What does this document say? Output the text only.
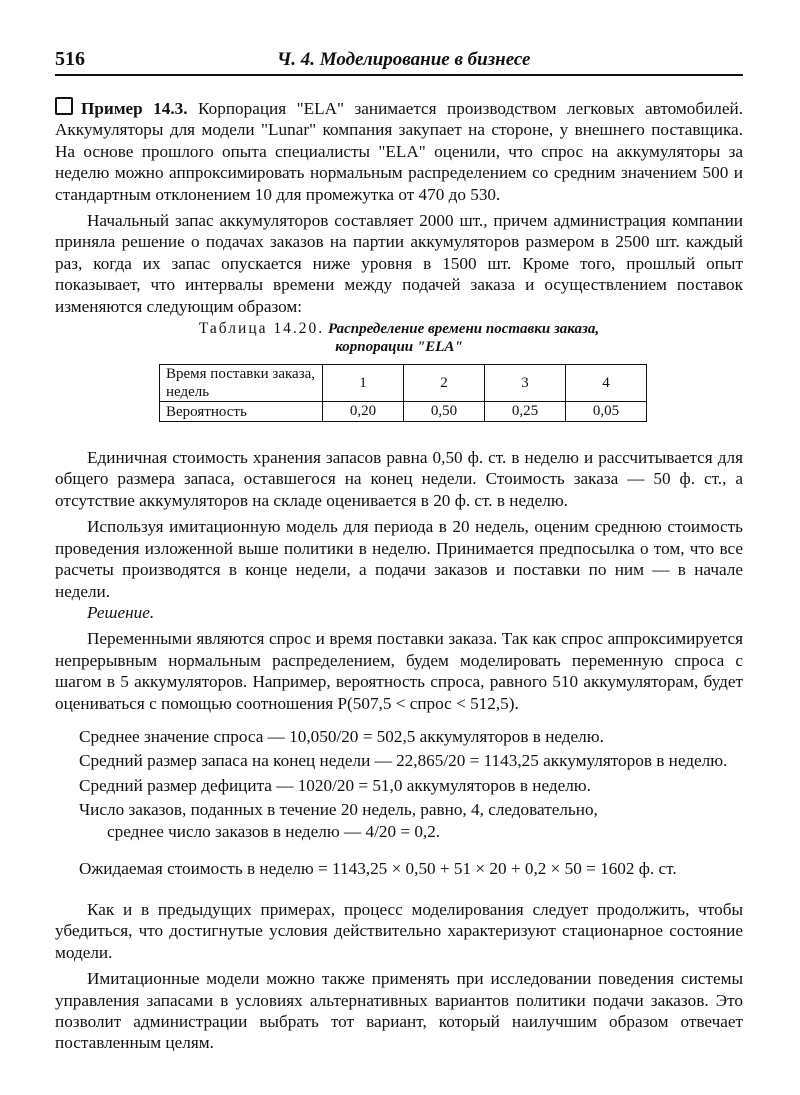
516	Ч. 4. Моделирование в бизнесе

Пример 14.3. Корпорация "ELA" занимается производством легковых автомобилей. Аккумуляторы для модели "Lunar" компания закупает на стороне, у внешнего поставщика. На основе прошлого опыта специалисты "ELA" оценили, что спрос на аккумуляторы за неделю можно аппроксимировать нормальным распределением со средним значением 500 и стандартным отклонением 10 для промежутка от 470 до 530.

Начальный запас аккумуляторов составляет 2000 шт., причем администрация компании приняла решение о подачах заказов на партии аккумуляторов размером в 2500 шт. каждый раз, когда их запас опускается ниже уровня в 1500 шт. Кроме того, прошлый опыт показывает, что интервалы времени между подачей заказа и осуществлением поставок изменяются следующим образом:

Таблица 14.20. Распределение времени поставки заказа,
корпорации "ELA"
Время поставки заказа, недель	1	2	3	4
Вероятность	0,20	0,50	0,25	0,05

Единичная стоимость хранения запасов равна 0,50 ф. ст. в неделю и рассчитывается для общего размера запаса, оставшегося на конец недели. Стоимость заказа — 50 ф. ст., а отсутствие аккумуляторов на складе оценивается в 20 ф. ст. в неделю.

Используя имитационную модель для периода в 20 недель, оценим среднюю стоимость проведения изложенной выше политики в неделю. Принимается предпосылка о том, что все расчеты производятся в конце недели, а подачи заказов и поставки по ним — в начале недели.

Решение.

Переменными являются спрос и время поставки заказа. Так как спрос аппроксимируется непрерывным нормальным распределением, будем моделировать переменную спроса с шагом в 5 аккумуляторов. Например, вероятность спроса, равного 510 аккумуляторам, будет оцениваться с помощью соотношения P(507,5 < спрос < 512,5).

Среднее значение спроса — 10,050/20 = 502,5 аккумуляторов в неделю.
Средний размер запаса на конец недели — 22,865/20 = 1143,25 аккумуляторов в неделю.
Средний размер дефицита — 1020/20 = 51,0 аккумуляторов в неделю.
Число заказов, поданных в течение 20 недель, равно, 4, следовательно,
среднее число заказов в неделю — 4/20 = 0,2.
Ожидаемая стоимость в неделю = 1143,25 × 0,50 + 51 × 20 + 0,2 × 50 = 1602 ф. ст.

Как и в предыдущих примерах, процесс моделирования следует продолжить, чтобы убедиться, что достигнутые условия действительно характеризуют стационарное состояние модели.

Имитационные модели можно также применять при исследовании поведения системы управления запасами в условиях альтернативных вариантов политики подачи заказов. Это позволит администрации выбрать тот вариант, который наилучшим образом отвечает поставленным целям.
